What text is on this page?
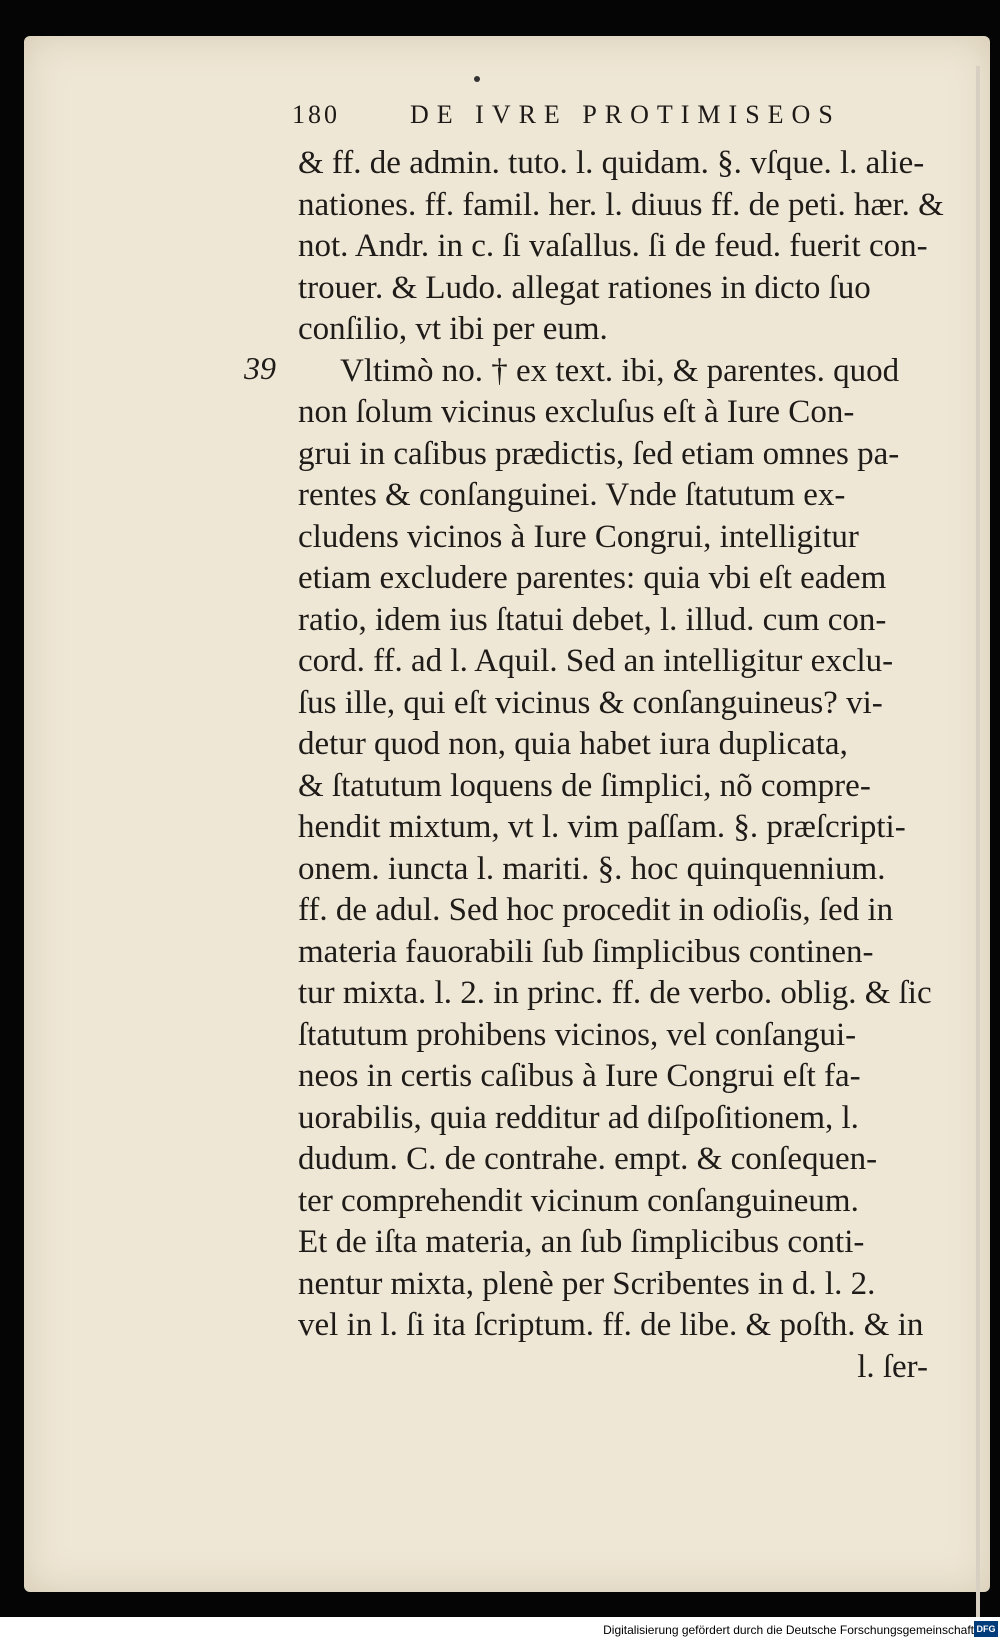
180	DE IVRE PROTIMISEOS
39
& ff. de admin. tuto. l. quidam. §. vſque. l. alie-
nationes. ff. famil. her. l. diuus ff. de peti. hær. &
not. Andr. in c. ſi vaſallus. ſi de feud. fuerit con-
trouer. & Ludo. allegat rationes in dicto ſuo
conſilio, vt ibi per eum.
Vltimò no. † ex text. ibi, & parentes. quod
non ſolum vicinus excluſus eſt à Iure Con-
grui in caſibus prædictis, ſed etiam omnes pa-
rentes & conſanguinei. Vnde ſtatutum ex-
cludens vicinos à Iure Congrui, intelligitur
etiam excludere parentes: quia vbi eſt eadem
ratio, idem ius ſtatui debet, l. illud. cum con-
cord. ff. ad l. Aquil. Sed an intelligitur exclu-
ſus ille, qui eſt vicinus & conſanguineus? vi-
detur quod non, quia habet iura duplicata,
& ſtatutum loquens de ſimplici, nõ compre-
hendit mixtum, vt l. vim paſſam. §. præſcripti-
onem. iuncta l. mariti. §. hoc quinquennium.
ff. de adul. Sed hoc procedit in odioſis, ſed in
materia fauorabili ſub ſimplicibus continen-
tur mixta. l. 2. in princ. ff. de verbo. oblig. & ſic
ſtatutum prohibens vicinos, vel conſangui-
neos in certis caſibus à Iure Congrui eſt fa-
uorabilis, quia redditur ad diſpoſitionem, l.
dudum. C. de contrahe. empt. & conſequen-
ter comprehendit vicinum conſanguineum.
Et de iſta materia, an ſub ſimplicibus conti-
nentur mixta, plenè per Scribentes in d. l. 2.
vel in l. ſi ita ſcriptum. ff. de libe. & poſth. & in
l. ſer-
Digitalisierung gefördert durch die Deutsche Forschungsgemeinschaft DFG
